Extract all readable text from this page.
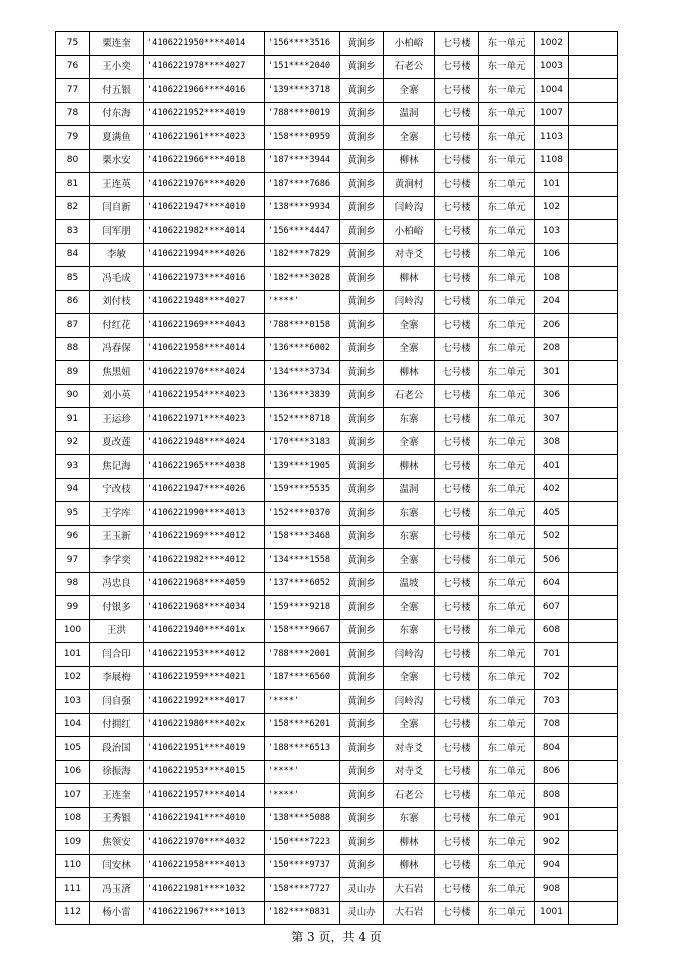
75	栗连奎	'4106221950****4014	'156****3516	黄涧乡	小柏峪	七号楼	东一单元	1002	
76	王小奕	'4106221978****4027	'151****2040	黄涧乡	石老公	七号楼	东一单元	1003	
77	付五银	'4106221966****4016	'139****3718	黄涧乡	全寨	七号楼	东一单元	1004	
78	付东海	'4106221952****4019	'788****0019	黄涧乡	温洞	七号楼	东一单元	1007	
79	夏满鱼	'4106221961****4023	'158****0959	黄涧乡	全寨	七号楼	东一单元	1103	
80	栗水安	'4106221966****4018	'187****3944	黄涧乡	柳林	七号楼	东一单元	1108	
81	王连英	'4106221976****4020	'187****7686	黄涧乡	黄涧村	七号楼	东二单元	101	
82	闫自新	'4106221947****4010	'138****9934	黄涧乡	闫岭沟	七号楼	东二单元	102	
83	闫军朋	'4106221982****4014	'156****4447	黄涧乡	小柏峪	七号楼	东二单元	103	
84	李敏	'4106221994****4026	'182****7829	黄涧乡	对寺爻	七号楼	东二单元	106	
85	冯毛成	'4106221973****4016	'182****3028	黄涧乡	柳林	七号楼	东二单元	108	
86	刘付枝	'4106221948****4027	'****'	黄涧乡	闫岭沟	七号楼	东二单元	204	
87	付红花	'4106221969****4043	'788****0158	黄涧乡	全寨	七号楼	东二单元	206	
88	冯春保	'4106221958****4014	'136****6002	黄涧乡	全寨	七号楼	东二单元	208	
89	焦黑妞	'4106221970****4024	'134****3734	黄涧乡	柳林	七号楼	东二单元	301	
90	刘小英	'4106221954****4023	'136****3839	黄涧乡	石老公	七号楼	东二单元	306	
91	王运珍	'4106221971****4023	'152****8718	黄涧乡	东寨	七号楼	东二单元	307	
92	夏改莲	'4106221948****4024	'170****3183	黄涧乡	全寨	七号楼	东二单元	308	
93	焦记海	'4106221965****4038	'139****1905	黄涧乡	柳林	七号楼	东二单元	401	
94	宁改枝	'4106221947****4026	'159****5535	黄涧乡	温洞	七号楼	东二单元	402	
95	王学库	'4106221990****4013	'152****0370	黄涧乡	东寨	七号楼	东二单元	405	
96	王玉新	'4106221969****4012	'158****3468	黄涧乡	东寨	七号楼	东二单元	502	
97	李学奕	'4106221982****4012	'134****1558	黄涧乡	全寨	七号楼	东二单元	506	
98	冯忠良	'4106221968****4059	'137****6052	黄涧乡	温坡	七号楼	东二单元	604	
99	付银多	'4106221968****4034	'159****9218	黄涧乡	全寨	七号楼	东二单元	607	
100	王洪	'4106221940****401x	'158****9667	黄涧乡	东寨	七号楼	东二单元	608	
101	闫合印	'4106221953****4012	'788****2001	黄涧乡	闫岭沟	七号楼	东二单元	701	
102	李展梅	'4106221959****4021	'187****6560	黄涧乡	全寨	七号楼	东二单元	702	
103	闫自强	'4106221992****4017	'****'	黄涧乡	闫岭沟	七号楼	东二单元	703	
104	付拥红	'4106221980****402x	'158****6201	黄涧乡	全寨	七号楼	东二单元	708	
105	段治国	'4106221951****4019	'188****6513	黄涧乡	对寺爻	七号楼	东二单元	804	
106	徐振海	'4106221953****4015	'****'	黄涧乡	对寺爻	七号楼	东二单元	806	
107	王连奎	'4106221957****4014	'****'	黄涧乡	石老公	七号楼	东二单元	808	
108	王秀银	'4106221941****4010	'138****5088	黄涧乡	东寨	七号楼	东二单元	901	
109	焦领安	'4106221970****4032	'150****7223	黄涧乡	柳林	七号楼	东二单元	902	
110	闫安林	'4106221958****4013	'150****9737	黄涧乡	柳林	七号楼	东二单元	904	
111	冯玉済	'4106221981****1032	'158****7727	灵山办	大石岩	七号楼	东二单元	908	
112	杨小雷	'4106221967****1013	'182****0831	灵山办	大石岩	七号楼	东二单元	1001	
第 3 页，共 4 页
